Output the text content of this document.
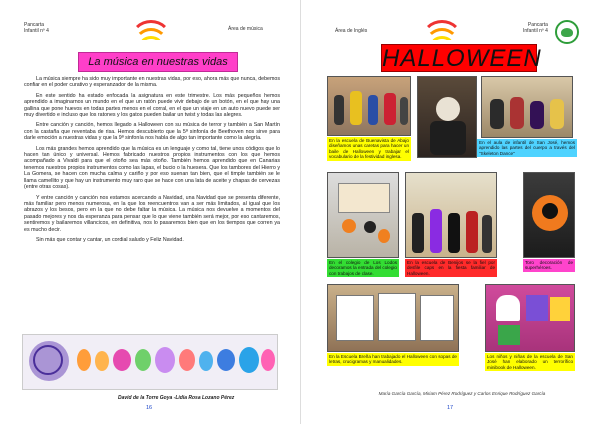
Pancarta
Infantil nº 4	Área de música
La música en nuestras vidas

La música siempre ha sido muy importante en nuestras vidas, por eso, ahora más que nunca, debemos confiar en el poder curativo y esperanzador de la misma.

En este sentido ha estado enfocada la asignatura en este trimestre. Los más pequeños hemos aprendido a imaginarnos un mundo en el que un ratón puede vivir debajo de un botón, en el que hay una gallina que pone huevos en todas partes menos en el corral, en el que un viaje en un auto nuevo puede ser muy divertido e incluso que los ratones y los gatos pueden bailar un twist y todas las alegres.

Entre canción y canción, hemos llegado a Halloween con su música de terror y también a San Martín con la castaña que reventaba de risa. Hemos descubierto que la 5ª sinfonía de Beethoven nos sirve para darle emoción a nuestras vidas y que la 9ª sinfonía nos habla de algo tan importante como la alegría.

Los más grandes hemos aprendido que la música es un lenguaje y como tal, tiene unos códigos que lo hacen tan único y universal. Hemos fabricado nuestros propios instrumentos con los que hemos acompañado a Vivaldi para que el otoño sea más otoño. También hemos aprendido que en Canarias tenemos nuestros propios instrumentos como las lapas, el bucio o la huesera. Que los tambores del Hierro y La Gomera, se hacen con mucha calma y cariño y por eso suenan tan bien, que el timple también se le llama camellito y que hay un instrumento muy raro que se hace con una lata de aceite y chapas de cervezas (entre otras cosas).

Y entre canción y canción nos estamos acercando a Navidad, una Navidad que se presenta diferente, más familiar pero menos numerosa, en la que los reencuentros van a ser más limitados, al igual que los abrazos y los besos, pero en la que no debe faltar la música. La música nos devuelve a momentos del pasado mejores y nos da esperanza para pensar que lo que viene también será mejor, por eso cantaremos, sentiremos y bailaremos villancicos, en definitiva, nos lo pasaremos bien que en los tiempos que corren ya es mucho decir.

Sin más que contar y cantar, un cordial saludo y Feliz Navidad.

David de la Torre Goya -Lidia Rosa Lozano Pérez
16
Área de Inglés
Pancarta
Infantil nº 4
HALLOWEEN
En la escuela de Buenavista de Abajo diseñamos unas caretas para hacer un baile de Halloween y trabajar el vocabulario de la festividad inglesa.
En el aula de infantil de San José, hemos aprendido las partes del cuerpo a través del "Skeleton Dance"
En el colegio de Los Lodos decoramos la entrada del colegio con trabajos de clase.
En la escuela de Benijos se la fiel por desfile caps en la fiesta familiar de Halloween.
Toro decoración de superhéroes.
En la Escuela Breña han trabajado el Halloween con sopas de letras, crucigramas y manualidades.
Los niños y niñas de la escuela de San José han elaborado un terrorífico minibook de Halloween.
María García García, Miriam Pérez Rodríguez y Carlos Enrique Rodríguez García
17
